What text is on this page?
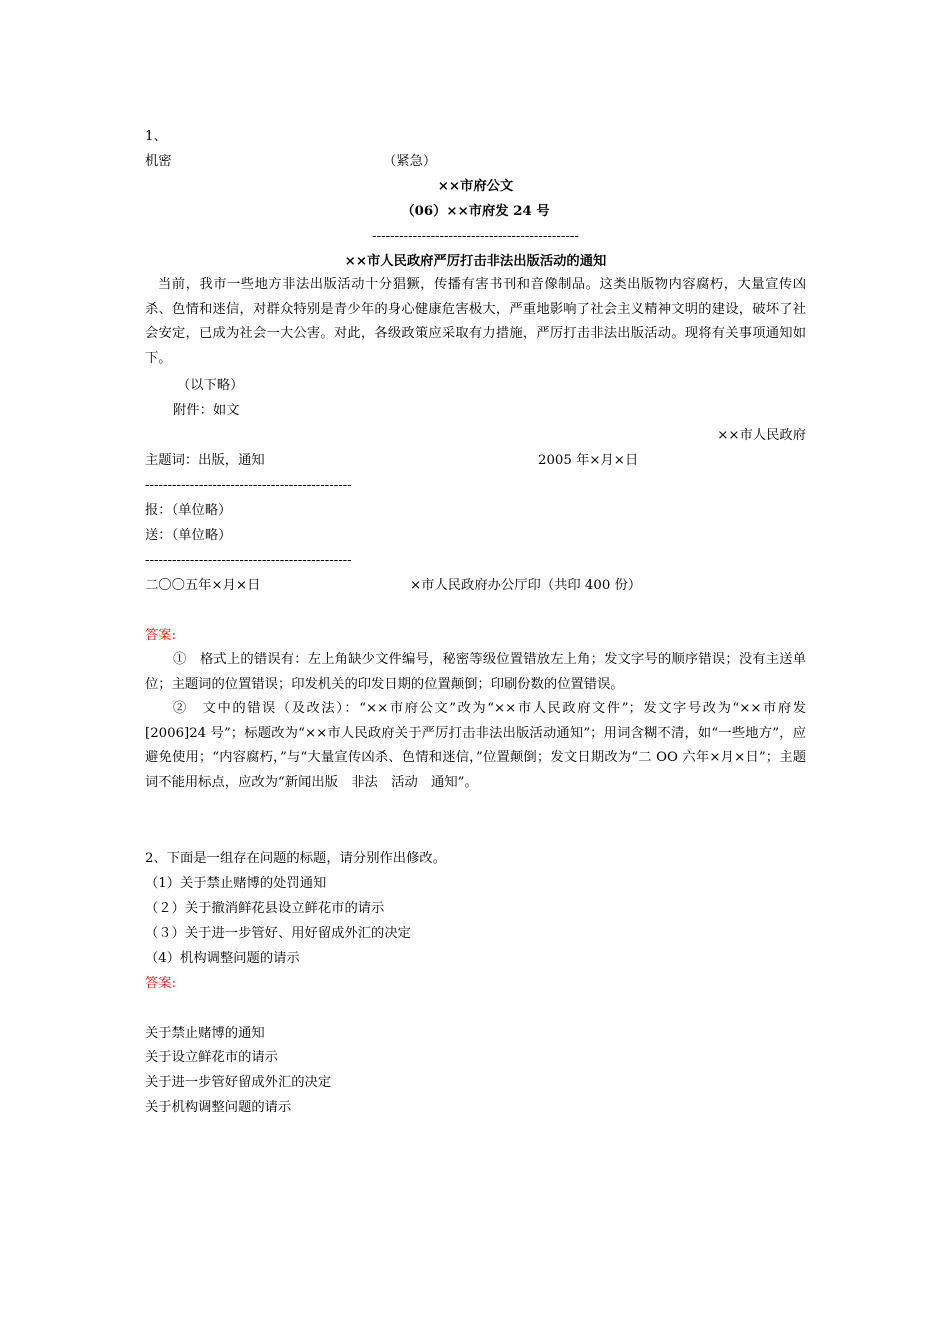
1、
机密	（紧急）
××市府公文
（06）××市府发 24 号
----------------------------------------------
××市人民政府严厉打击非法出版活动的通知
当前，我市一些地方非法出版活动十分猖獗，传播有害书刊和音像制品。这类出版物内容腐朽，大量宣传凶杀、色情和迷信，对群众特别是青少年的身心健康危害极大，严重地影响了社会主义精神文明的建设，破坏了社会安定，已成为社会一大公害。对此，各级政策应采取有力措施，严厉打击非法出版活动。现将有关事项通知如下。
（以下略）
附件：如文
××市人民政府
主题词：出版，通知	2005 年×月×日
----------------------------------------------
报：（单位略）
送：（单位略）
----------------------------------------------
二〇〇五年×月×日	×市人民政府办公厅印（共印 400 份）
答案:

①　格式上的错误有：左上角缺少文件编号，秘密等级位置错放左上角；发文字号的顺序错误；没有主送单位；主题词的位置错误；印发机关的印发日期的位置颠倒；印刷份数的位置错误。

②　文中的错误（及改法）：“××市府公文”改为“××市人民政府文件”；发文字号改为“××市府发[2006]24 号”；标题改为“××市人民政府关于严厉打击非法出版活动通知”；用词含糊不清，如“一些地方”，应避免使用；“内容腐朽，”与“大量宣传凶杀、色情和迷信，”位置颠倒；发文日期改为“二 OO 六年×月×日”；主题词不能用标点，应改为“新闻出版　非法　活动　通知”。

2、下面是一组存在问题的标题，请分别作出修改。
（1）关于禁止赌博的处罚通知
（２）关于撤消鲜花县设立鲜花市的请示
（３）关于进一步管好、用好留成外汇的决定
（4）机构调整问题的请示
答案:
关于禁止赌博的通知
关于设立鲜花市的请示
关于进一步管好留成外汇的决定
关于机构调整问题的请示
